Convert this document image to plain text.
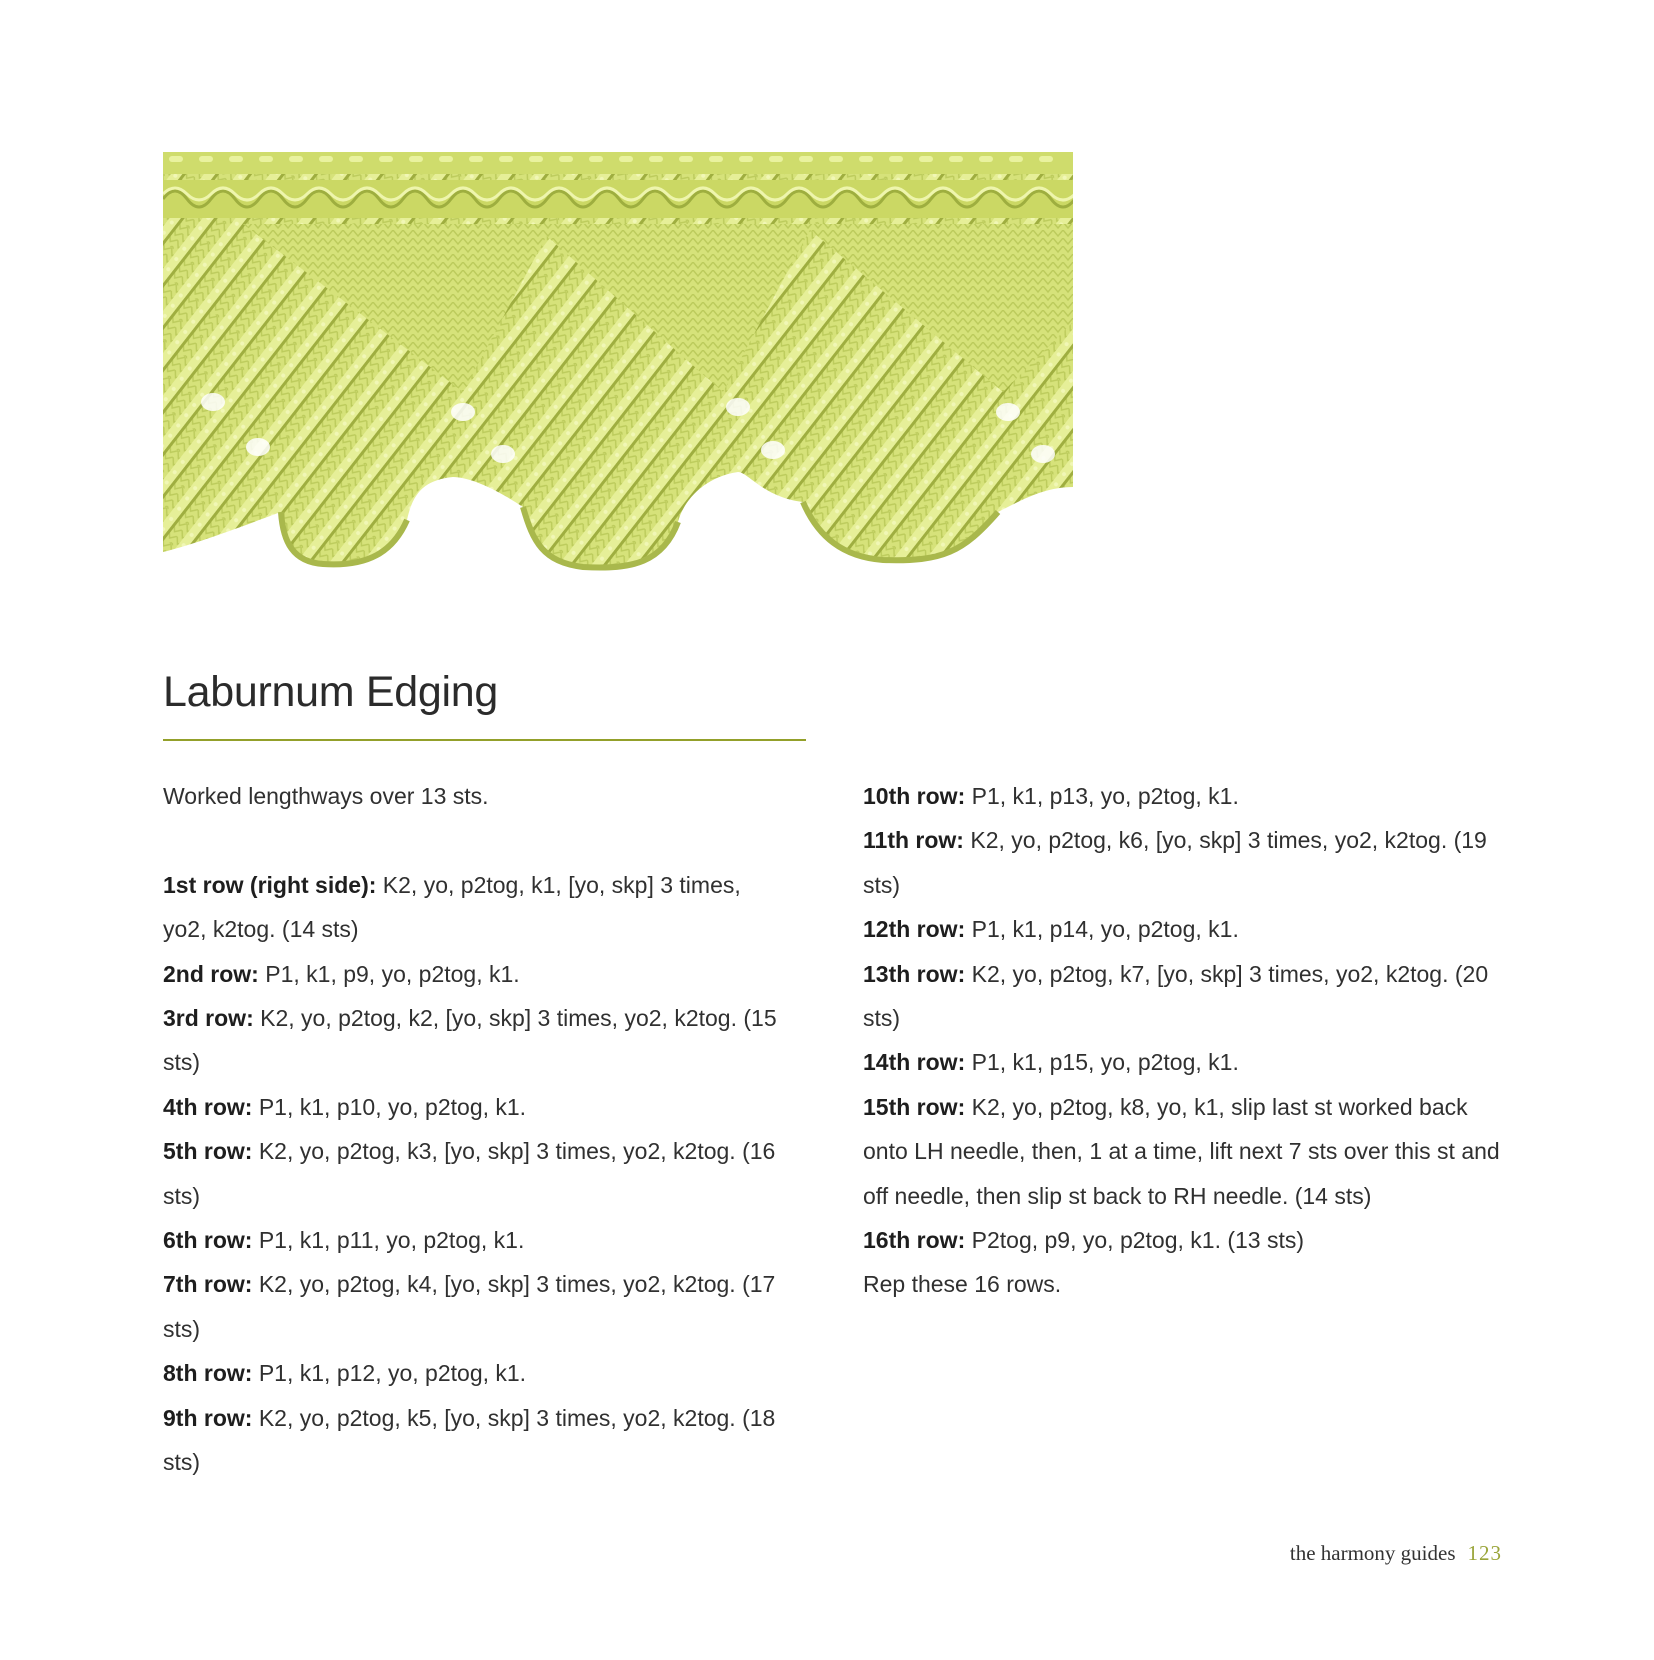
Laburnum Edging

Worked lengthways over 13 sts.

1st row (right side): K2, yo, p2tog, k1, [yo, skp] 3 times, yo2, k2tog. (14 sts)

2nd row: P1, k1, p9, yo, p2tog, k1.

3rd row: K2, yo, p2tog, k2, [yo, skp] 3 times, yo2, k2tog. (15 sts)

4th row: P1, k1, p10, yo, p2tog, k1.

5th row: K2, yo, p2tog, k3, [yo, skp] 3 times, yo2, k2tog. (16 sts)

6th row: P1, k1, p11, yo, p2tog, k1.

7th row: K2, yo, p2tog, k4, [yo, skp] 3 times, yo2, k2tog. (17 sts)

8th row: P1, k1, p12, yo, p2tog, k1.

9th row: K2, yo, p2tog, k5, [yo, skp] 3 times, yo2, k2tog. (18 sts)

10th row: P1, k1, p13, yo, p2tog, k1.

11th row: K2, yo, p2tog, k6, [yo, skp] 3 times, yo2, k2tog. (19 sts)

12th row: P1, k1, p14, yo, p2tog, k1.

13th row: K2, yo, p2tog, k7, [yo, skp] 3 times, yo2, k2tog. (20 sts)

14th row: P1, k1, p15, yo, p2tog, k1.

15th row: K2, yo, p2tog, k8, yo, k1, slip last st worked back onto LH needle, then, 1 at a time, lift next 7 sts over this st and off needle, then slip st back to RH needle. (14 sts)

16th row: P2tog, p9, yo, p2tog, k1. (13 sts)

Rep these 16 rows.

the harmony guides 123
